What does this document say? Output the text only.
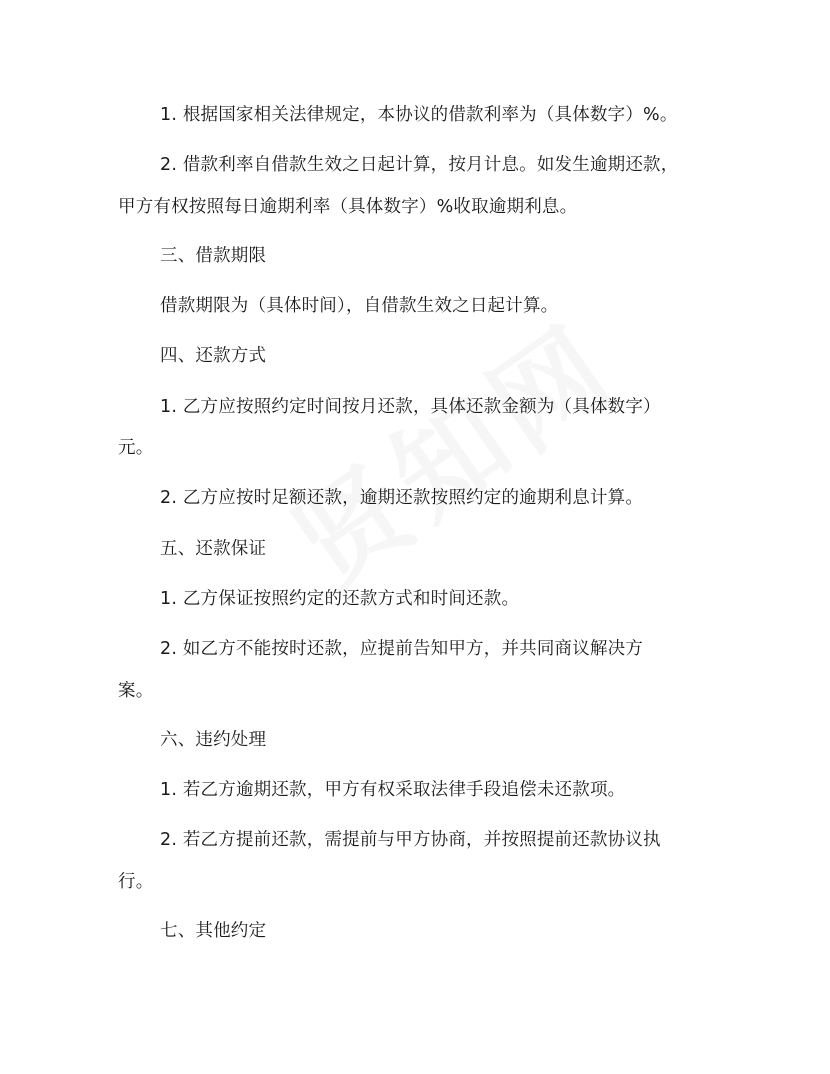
1. 根据国家相关法律规定，本协议的借款利率为（具体数字）%。
2. 借款利率自借款生效之日起计算，按月计息。如发生逾期还款，
甲方有权按照每日逾期利率（具体数字）%收取逾期利息。
三、借款期限
借款期限为（具体时间），自借款生效之日起计算。
四、还款方式
1. 乙方应按照约定时间按月还款，具体还款金额为（具体数字）
元。
2. 乙方应按时足额还款，逾期还款按照约定的逾期利息计算。
五、还款保证
1. 乙方保证按照约定的还款方式和时间还款。
2. 如乙方不能按时还款，应提前告知甲方，并共同商议解决方
案。
六、违约处理
1. 若乙方逾期还款，甲方有权采取法律手段追偿未还款项。
2. 若乙方提前还款，需提前与甲方协商，并按照提前还款协议执
行。
七、其他约定
